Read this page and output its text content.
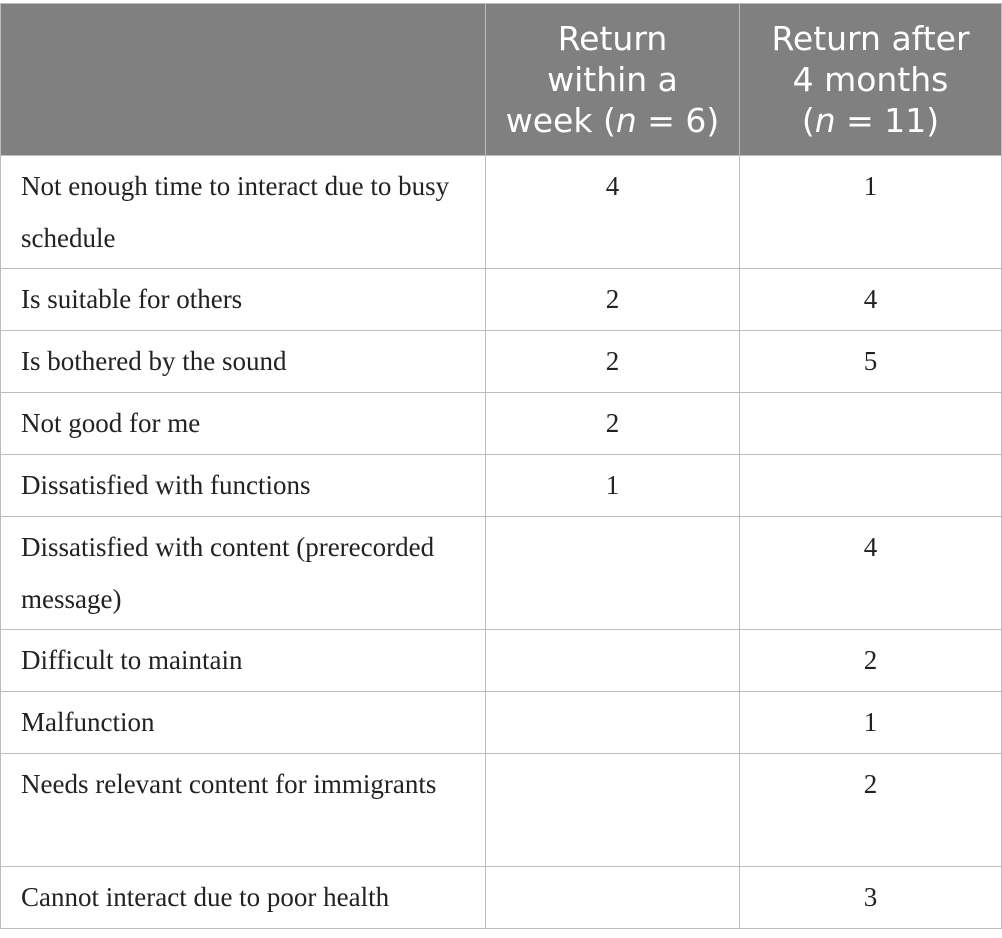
	Return
within a
week (n = 6)	Return after
4 months
(n = 11)
Not enough time to interact due to busy schedule	4	1
Is suitable for others	2	4
Is bothered by the sound	2	5
Not good for me	2	
Dissatisfied with functions	1	
Dissatisfied with content (prerecorded message)		4
Difficult to maintain		2
Malfunction		1
Needs relevant content for immigrants		2
Cannot interact due to poor health		3
